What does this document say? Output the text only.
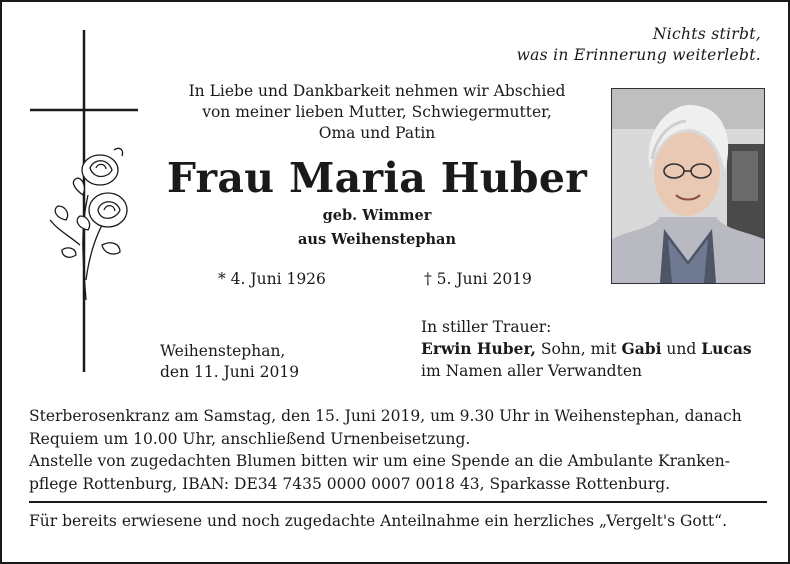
Nichts stirbt,
was in Erinnerung weiterlebt.
In Liebe und Dankbarkeit nehmen wir Abschied
von meiner lieben Mutter, Schwiegermutter,
Oma und Patin
Frau Maria Huber
geb. Wimmer
aus Weihenstephan
* 4. Juni 1926	† 5. Juni 2019
Weihenstephan,
den 11. Juni 2019
In stiller Trauer:
Erwin Huber, Sohn, mit Gabi und Lucas
im Namen aller Verwandten
Sterberosenkranz am Samstag, den 15. Juni 2019, um 9.30 Uhr in Weihenstephan, danach
Requiem um 10.00 Uhr, anschließend Urnenbeisetzung.
Anstelle von zugedachten Blumen bitten wir um eine Spende an die Ambulante Kranken-
pflege Rottenburg, IBAN: DE34 7435 0000 0007 0018 43, Sparkasse Rottenburg.
Für bereits erwiesene und noch zugedachte Anteilnahme ein herzliches „Vergelt's Gott“.
